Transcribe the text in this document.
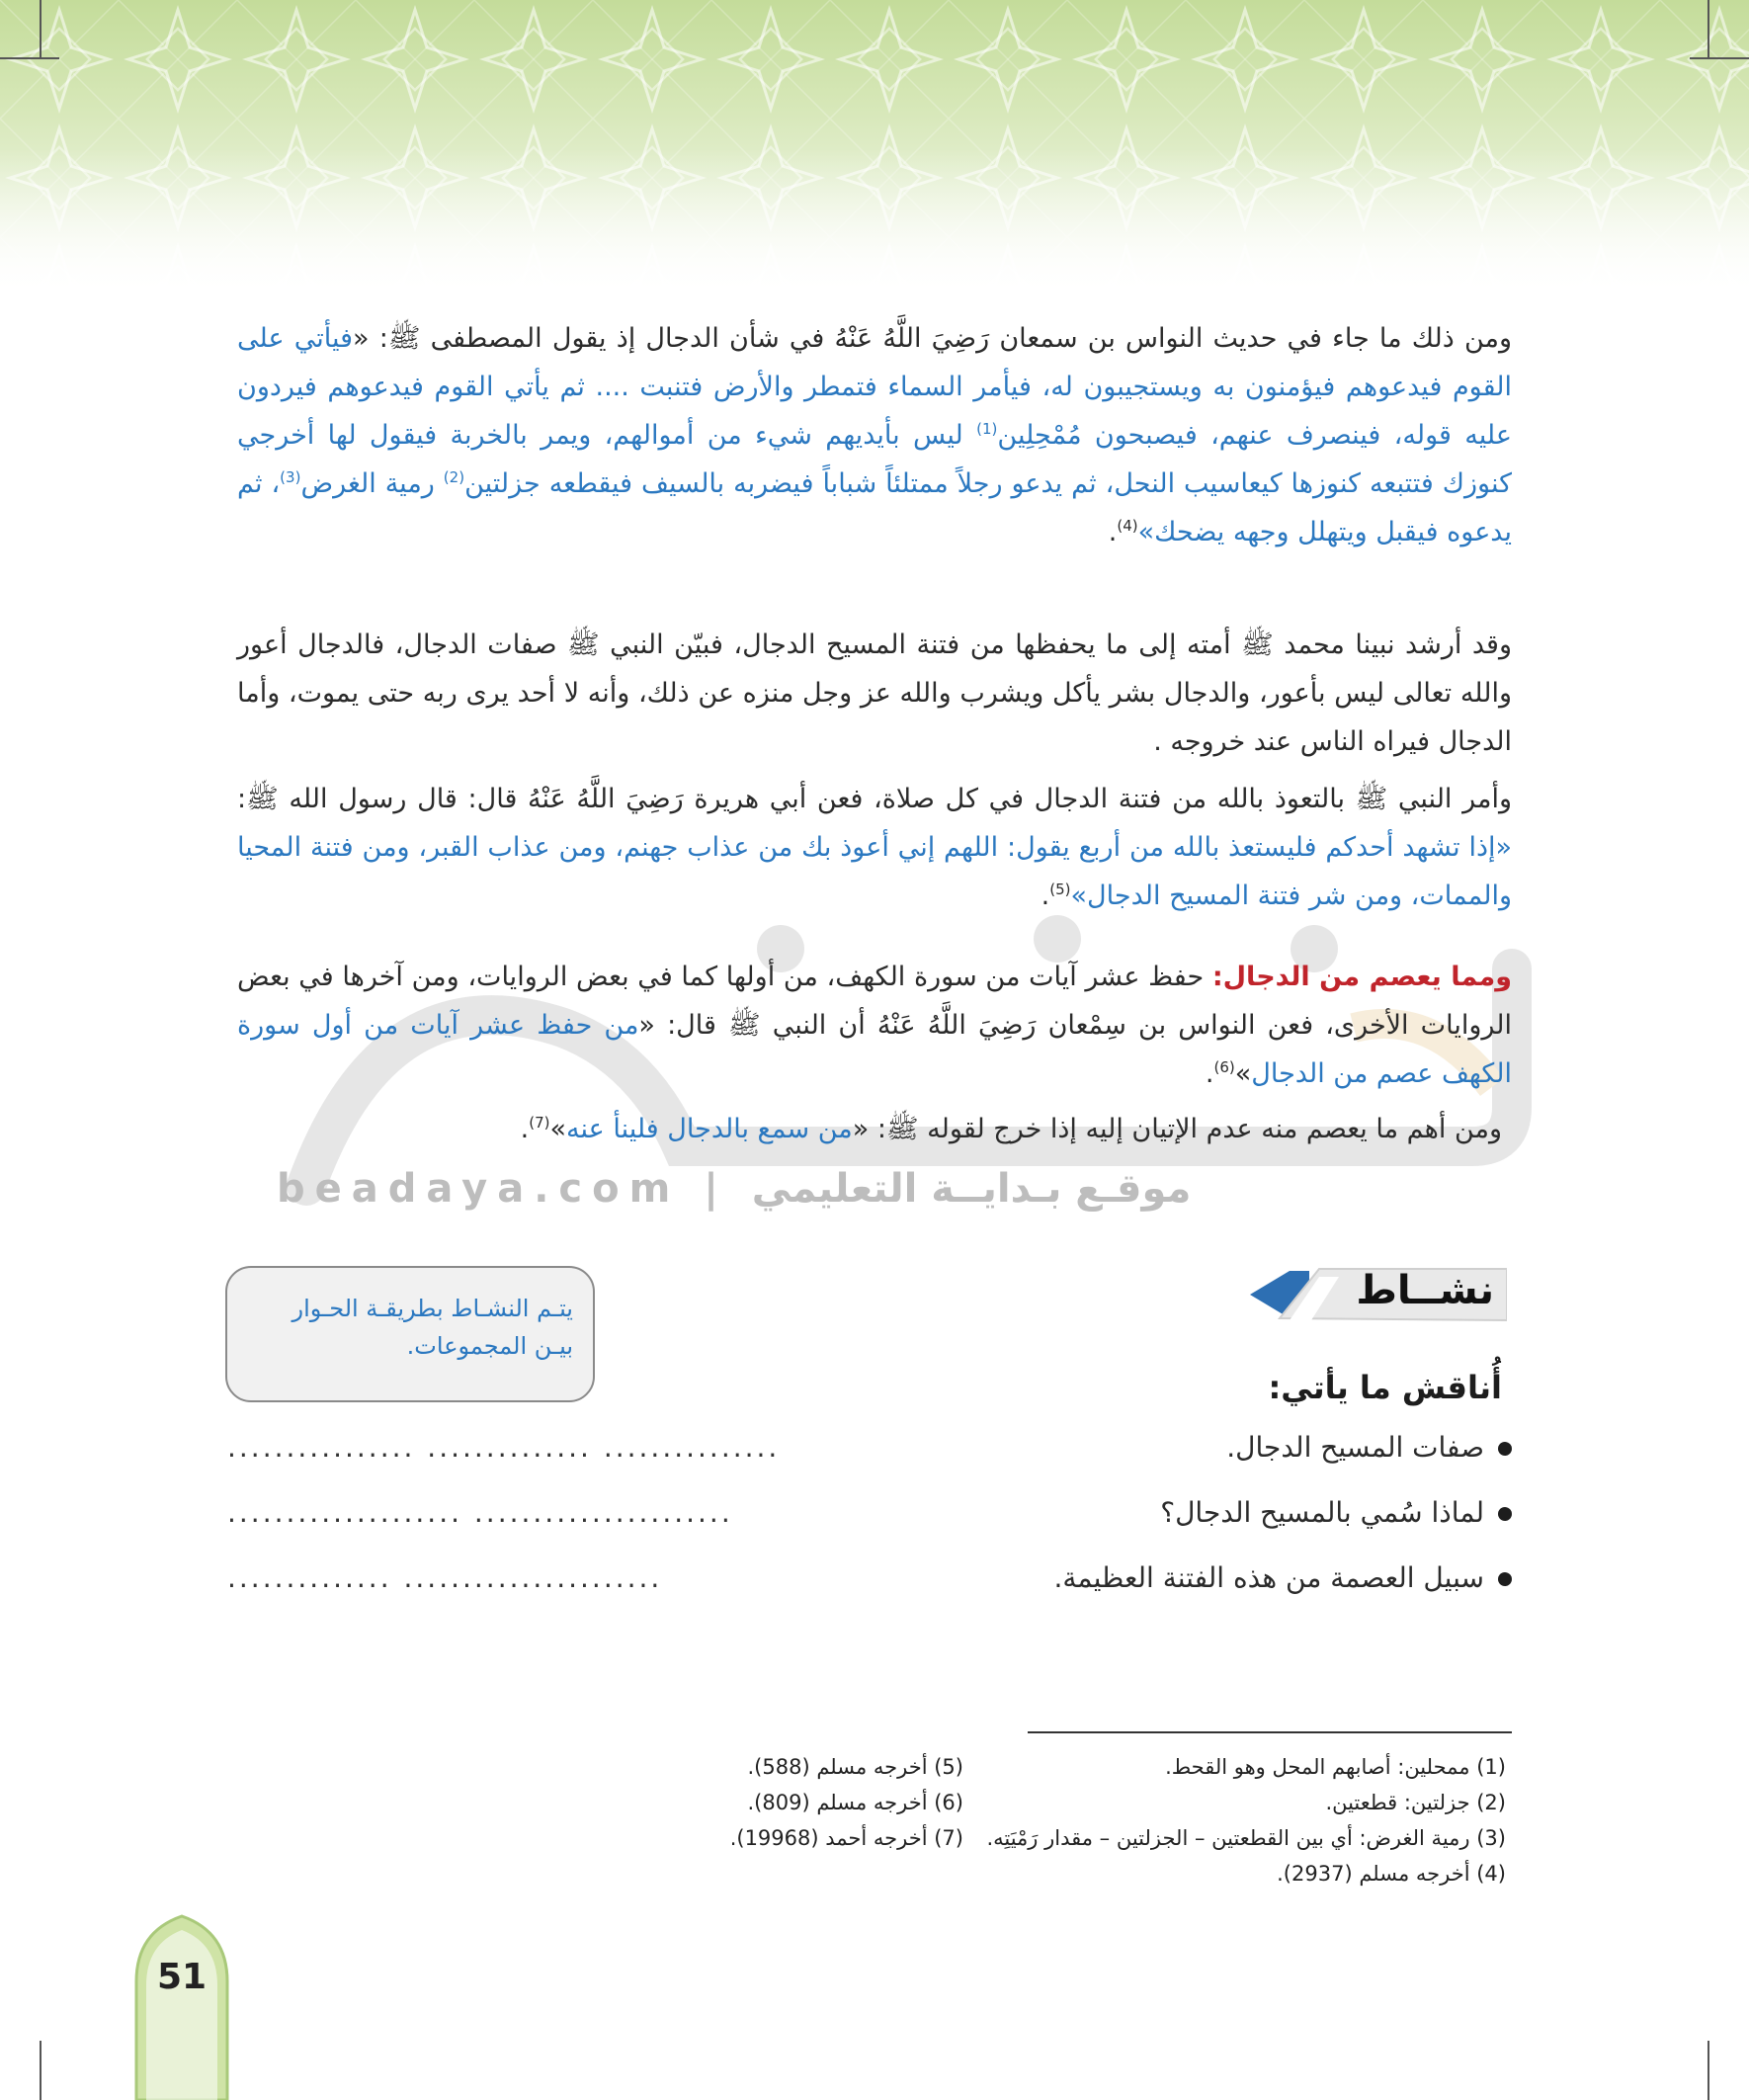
beadaya.com | موقـع بـدايــة التعليمي
ومن ذلك ما جاء في حديث النواس بن سمعان رَضِيَ اللَّهُ عَنْهُ في شأن الدجال إذ يقول المصطفى ﷺ: «فيأتي على القوم فيدعوهم فيؤمنون به ويستجيبون له، فيأمر السماء فتمطر والأرض فتنبت .... ثم يأتي القوم فيدعوهم فيردون عليه قوله، فينصرف عنهم، فيصبحون مُمْحِلِين$^{(1)}$ ليس بأيديهم شيء من أموالهم، ويمر بالخربة فيقول لها أخرجي كنوزك فتتبعه كنوزها كيعاسيب النحل، ثم يدعو رجلاً ممتلئاً شباباً فيضربه بالسيف فيقطعه جزلتين$^{(2)}$ رمية الغرض$^{(3)}$، ثم يدعوه فيقبل ويتهلل وجهه يضحك»$^{(4)}$.
وقد أرشد نبينا محمد ﷺ أمته إلى ما يحفظها من فتنة المسيح الدجال، فبيّن النبي ﷺ صفات الدجال، فالدجال أعور والله تعالى ليس بأعور، والدجال بشر يأكل ويشرب والله عز وجل منزه عن ذلك، وأنه لا أحد يرى ربه حتى يموت، وأما الدجال فيراه الناس عند خروجه .
وأمر النبي ﷺ بالتعوذ بالله من فتنة الدجال في كل صلاة، فعن أبي هريرة رَضِيَ اللَّهُ عَنْهُ قال: قال رسول الله ﷺ: «إذا تشهد أحدكم فليستعذ بالله من أربع يقول: اللهم إني أعوذ بك من عذاب جهنم، ومن عذاب القبر، ومن فتنة المحيا والممات، ومن شر فتنة المسيح الدجال»$^{(5)}$.
ومما يعصم من الدجال: حفظ عشر آيات من سورة الكهف، من أولها كما في بعض الروايات، ومن آخرها في بعض الروايات الأخرى، فعن النواس بن سِمْعان رَضِيَ اللَّهُ عَنْهُ أن النبي ﷺ قال: «من حفظ عشر آيات من أول سورة الكهف عصم من الدجال»$^{(6)}$.
ومن أهم ما يعصم منه عدم الإتيان إليه إذا خرج لقوله ﷺ: «من سمع بالدجال فلينأ عنه»$^{(7)}$.
نشــاط
يتـم النشـاط بطريقـة الحـوار بيـن المجموعات.
أُناقش ما يأتي:
صفات المسيح الدجال.
................ .............. ...............
لماذا سُمي بالمسيح الدجال؟
.................... ......................
سبيل العصمة من هذه الفتنة العظيمة.
.............. ......................
(1) ممحلين: أصابهم المحل وهو القحط.
(2) جزلتين: قطعتين.
(3) رمية الغرض: أي بين القطعتين – الجزلتين – مقدار رَمْيَتِه.
(4) أخرجه مسلم (2937).
(5) أخرجه مسلم (588).
(6) أخرجه مسلم (809).
(7) أخرجه أحمد (19968).
51
